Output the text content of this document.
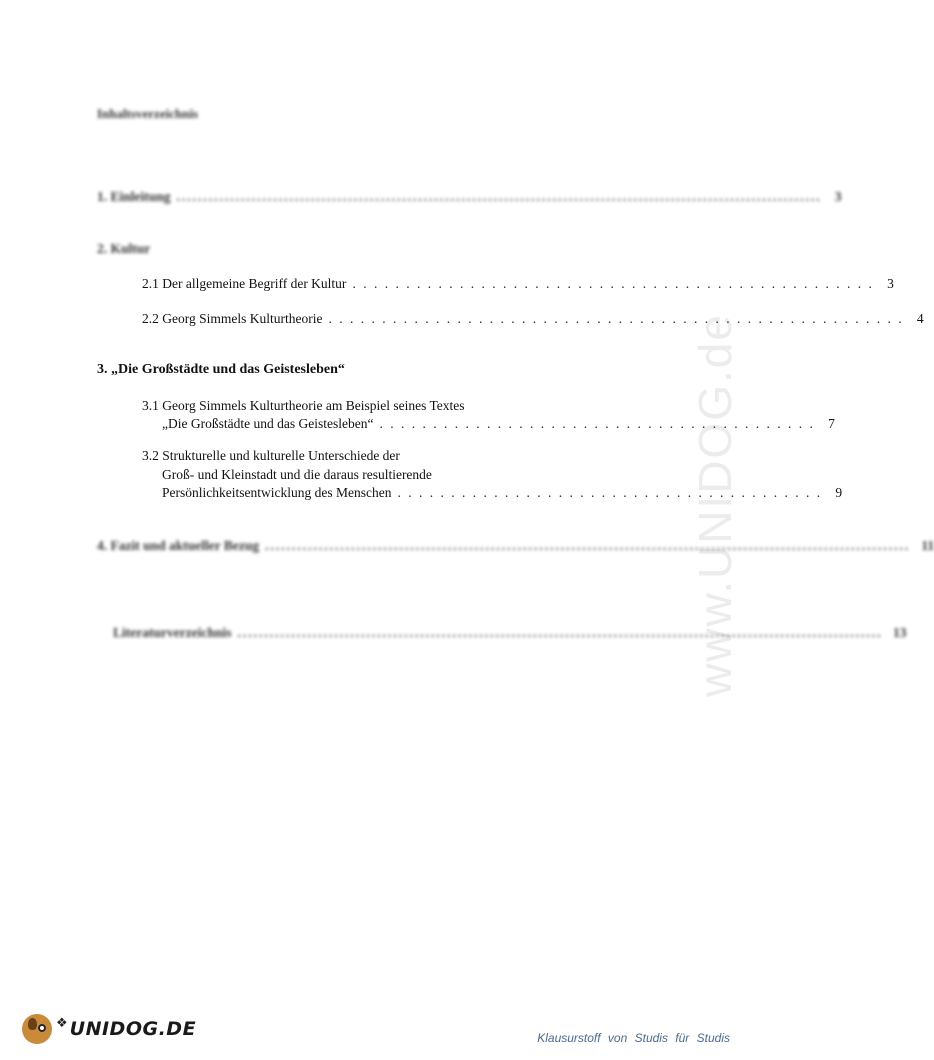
www.UNIDOG.de
Inhaltsverzeichnis
1. Einleitung ........................................................................................................................ 3
2. Kultur
2.1 Der allgemeine Begriff der Kultur . . . . . . . . . . . . . . . . . . . . . . . . . . . . . . . . . . . . . . . . . . . . . . . . . 3
2.2 Georg Simmels Kulturtheorie . . . . . . . . . . . . . . . . . . . . . . . . . . . . . . . . . . . . . . . . . . . . . . . . . . . . . . 4
3. „Die Großstädte und das Geistesleben“
3.1 Georg Simmels Kulturtheorie am Beispiel seines Textes
„Die Großstädte und das Geistesleben“ . . . . . . . . . . . . . . . . . . . . . . . . . . . . . . . . . . . . . . . . . 7
3.2 Strukturelle und kulturelle Unterschiede der
Groß- und Kleinstadt und die daraus resultierende
Persönlichkeitsentwicklung des Menschen . . . . . . . . . . . . . . . . . . . . . . . . . . . . . . . . . . . . . . . . 9
4. Fazit und aktueller Bezug ........................................................................................................................ 11
Literaturverzeichnis ........................................................................................................................ 13
❖ UNIDOG.DE	Klausurstoff von Studis für Studis
